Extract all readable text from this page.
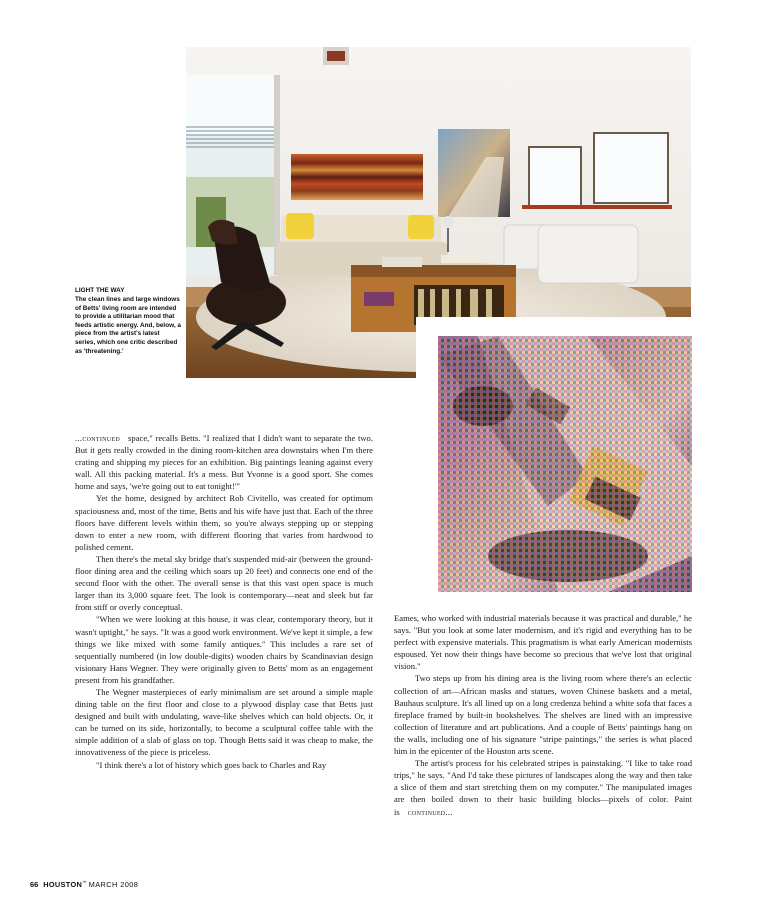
LIGHT THE WAY
The clean lines and large windows of Betts' living room are intended to provide a utilitarian mood that feeds artistic energy. And, below, a piece from the artist's latest series, which one critic described as 'threatening.'

...continued space," recalls Betts. "I realized that I didn't want to separate the two. But it gets really crowded in the dining room-kitchen area downstairs when I'm there crating and shipping my pieces for an exhibition. Big paintings leaning against every wall. All this packing material. It's a mess. But Yvonne is a good sport. She comes home and says, 'we're going out to eat tonight!'"

Yet the home, designed by architect Rob Civitello, was created for optimum spaciousness and, most of the time, Betts and his wife have just that. Each of the three floors have different levels within them, so you're always stepping up or stepping down to enter a new room, with different flooring that varies from hardwood to polished cement.

Then there's the metal sky bridge that's suspended mid-air (between the ground-floor dining area and the ceiling which soars up 20 feet) and connects one end of the second floor with the other. The overall sense is that this vast open space is much larger than its 3,000 square feet. The look is contemporary—neat and sleek but far from stiff or overly conceptual.

"When we were looking at this house, it was clear, contemporary theory, but it wasn't uptight," he says. "It was a good work environment. We've kept it simple, a few things we like mixed with some family antiques." This includes a rare set of sequentially numbered (in low double-digits) wooden chairs by Scandinavian design visionary Hans Wegner. They were originally given to Betts' mom as an engagement present from his grandfather.

The Wegner masterpieces of early minimalism are set around a simple maple dining table on the first floor and close to a plywood display case that Betts just designed and built with undulating, wave-like shelves which can hold objects. Or, it can be turned on its side, horizontally, to become a sculptural coffee table with the simple addition of a slab of glass on top. Though Betts said it was cheap to make, the innovativeness of the piece is priceless.

"I think there's a lot of history which goes back to Charles and Ray

Eames, who worked with industrial materials because it was practical and durable," he says. "But you look at some later modernism, and it's rigid and everything has to be perfect with expensive materials. This pragmatism is what early American modernists espoused. Yet now their things have become so precious that we've lost that original vision."

Two steps up from his dining area is the living room where there's an eclectic collection of art—African masks and statues, woven Chinese baskets and a metal, Bauhaus sculpture. It's all lined up on a long credenza behind a white sofa that faces a fireplace framed by built-in bookshelves. The shelves are lined with an impressive collection of literature and art publications. And a couple of Betts' paintings hang on the walls, including one of his signature "stripe paintings," the series is what placed him in the epicenter of the Houston arts scene.

The artist's process for his celebrated stripes is painstaking. "I like to take road trips," he says. "And I'd take these pictures of landscapes along the way and then take a slice of them and start stretching them on my computer." The manipulated images are then boiled down to their basic building blocks—pixels of color. Paint is continued...

66 HOUSTON™ MARCH 2008
